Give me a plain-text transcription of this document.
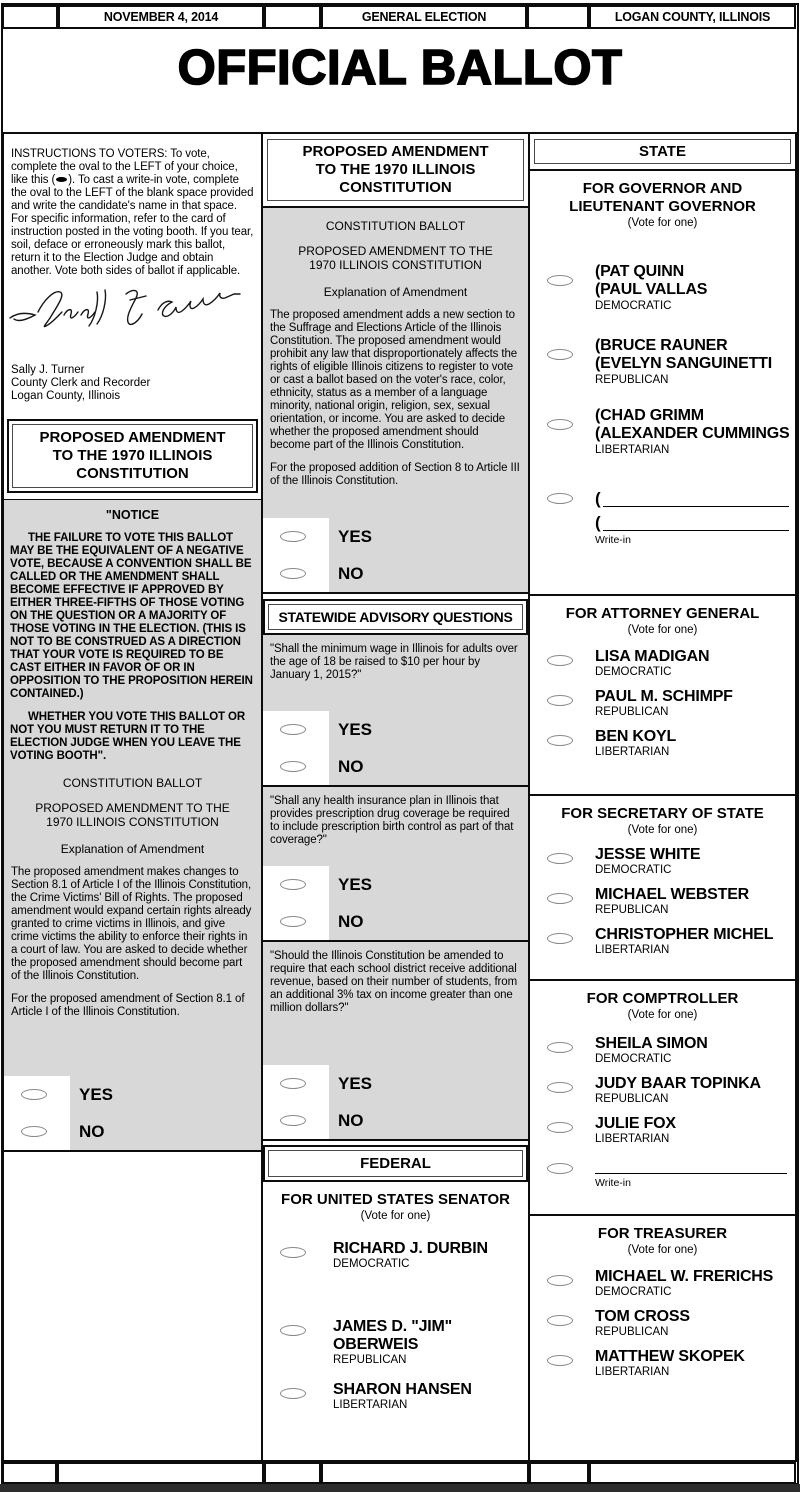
NOVEMBER 4, 2014	GENERAL ELECTION	LOGAN COUNTY, ILLINOIS
OFFICIAL BALLOT
INSTRUCTIONS TO VOTERS: To vote, complete the oval to the LEFT of your choice, like this ( ). To cast a write-in vote, complete the oval to the LEFT of the blank space provided and write the candidate's name in that space. For specific information, refer to the card of instruction posted in the voting booth. If you tear, soil, deface or erroneously mark this ballot, return it to the Election Judge and obtain another. Vote both sides of ballot if applicable.
Sally J. Turner
County Clerk and Recorder
Logan County, Illinois
PROPOSED AMENDMENT
TO THE 1970 ILLINOIS
CONSTITUTION
"NOTICE
THE FAILURE TO VOTE THIS BALLOT MAY BE THE EQUIVALENT OF A NEGATIVE VOTE, BECAUSE A CONVENTION SHALL BE CALLED OR THE AMENDMENT SHALL BECOME EFFECTIVE IF APPROVED BY EITHER THREE-FIFTHS OF THOSE VOTING ON THE QUESTION OR A MAJORITY OF THOSE VOTING IN THE ELECTION. (THIS IS NOT TO BE CONSTRUED AS A DIRECTION THAT YOUR VOTE IS REQUIRED TO BE CAST EITHER IN FAVOR OF OR IN OPPOSITION TO THE PROPOSITION HEREIN CONTAINED.)
WHETHER YOU VOTE THIS BALLOT OR NOT YOU MUST RETURN IT TO THE ELECTION JUDGE WHEN YOU LEAVE THE VOTING BOOTH".
CONSTITUTION BALLOT
PROPOSED AMENDMENT TO THE
1970 ILLINOIS CONSTITUTION
Explanation of Amendment
The proposed amendment makes changes to Section 8.1 of Article I of the Illinois Constitution, the Crime Victims' Bill of Rights. The proposed amendment would expand certain rights already granted to crime victims in Illinois, and give crime victims the ability to enforce their rights in a court of law. You are asked to decide whether the proposed amendment should become part of the Illinois Constitution.
For the proposed amendment of Section 8.1 of Article I of the Illinois Constitution.
YES
NO
PROPOSED AMENDMENT
TO THE 1970 ILLINOIS
CONSTITUTION
CONSTITUTION BALLOT
PROPOSED AMENDMENT TO THE
1970 ILLINOIS CONSTITUTION
Explanation of Amendment
The proposed amendment adds a new section to the Suffrage and Elections Article of the Illinois Constitution. The proposed amendment would prohibit any law that disproportionately affects the rights of eligible Illinois citizens to register to vote or cast a ballot based on the voter's race, color, ethnicity, status as a member of a language minority, national origin, religion, sex, sexual orientation, or income. You are asked to decide whether the proposed amendment should become part of the Illinois Constitution.
For the proposed addition of Section 8 to Article III of the Illinois Constitution.
YES
NO
STATEWIDE ADVISORY QUESTIONS
"Shall the minimum wage in Illinois for adults over the age of 18 be raised to $10 per hour by January 1, 2015?"
YES
NO
"Shall any health insurance plan in Illinois that provides prescription drug coverage be required to include prescription birth control as part of that coverage?"
YES
NO
"Should the Illinois Constitution be amended to require that each school district receive additional revenue, based on their number of students, from an additional 3% tax on income greater than one million dollars?"
YES
NO
FEDERAL
FOR UNITED STATES SENATOR
(Vote for one)
RICHARD J. DURBIN
DEMOCRATIC
JAMES D. "JIM" OBERWEIS
REPUBLICAN
SHARON HANSEN
LIBERTARIAN
STATE
FOR GOVERNOR AND
LIEUTENANT GOVERNOR
(Vote for one)
(PAT QUINN
(PAUL VALLAS
DEMOCRATIC
(BRUCE RAUNER
(EVELYN SANGUINETTI
REPUBLICAN
(CHAD GRIMM
(ALEXANDER CUMMINGS
LIBERTARIAN
(
(
Write-in
FOR ATTORNEY GENERAL
(Vote for one)
LISA MADIGAN
DEMOCRATIC
PAUL M. SCHIMPF
REPUBLICAN
BEN KOYL
LIBERTARIAN
FOR SECRETARY OF STATE
(Vote for one)
JESSE WHITE
DEMOCRATIC
MICHAEL WEBSTER
REPUBLICAN
CHRISTOPHER MICHEL
LIBERTARIAN
FOR COMPTROLLER
(Vote for one)
SHEILA SIMON
DEMOCRATIC
JUDY BAAR TOPINKA
REPUBLICAN
JULIE FOX
LIBERTARIAN
Write-in
FOR TREASURER
(Vote for one)
MICHAEL W. FRERICHS
DEMOCRATIC
TOM CROSS
REPUBLICAN
MATTHEW SKOPEK
LIBERTARIAN
